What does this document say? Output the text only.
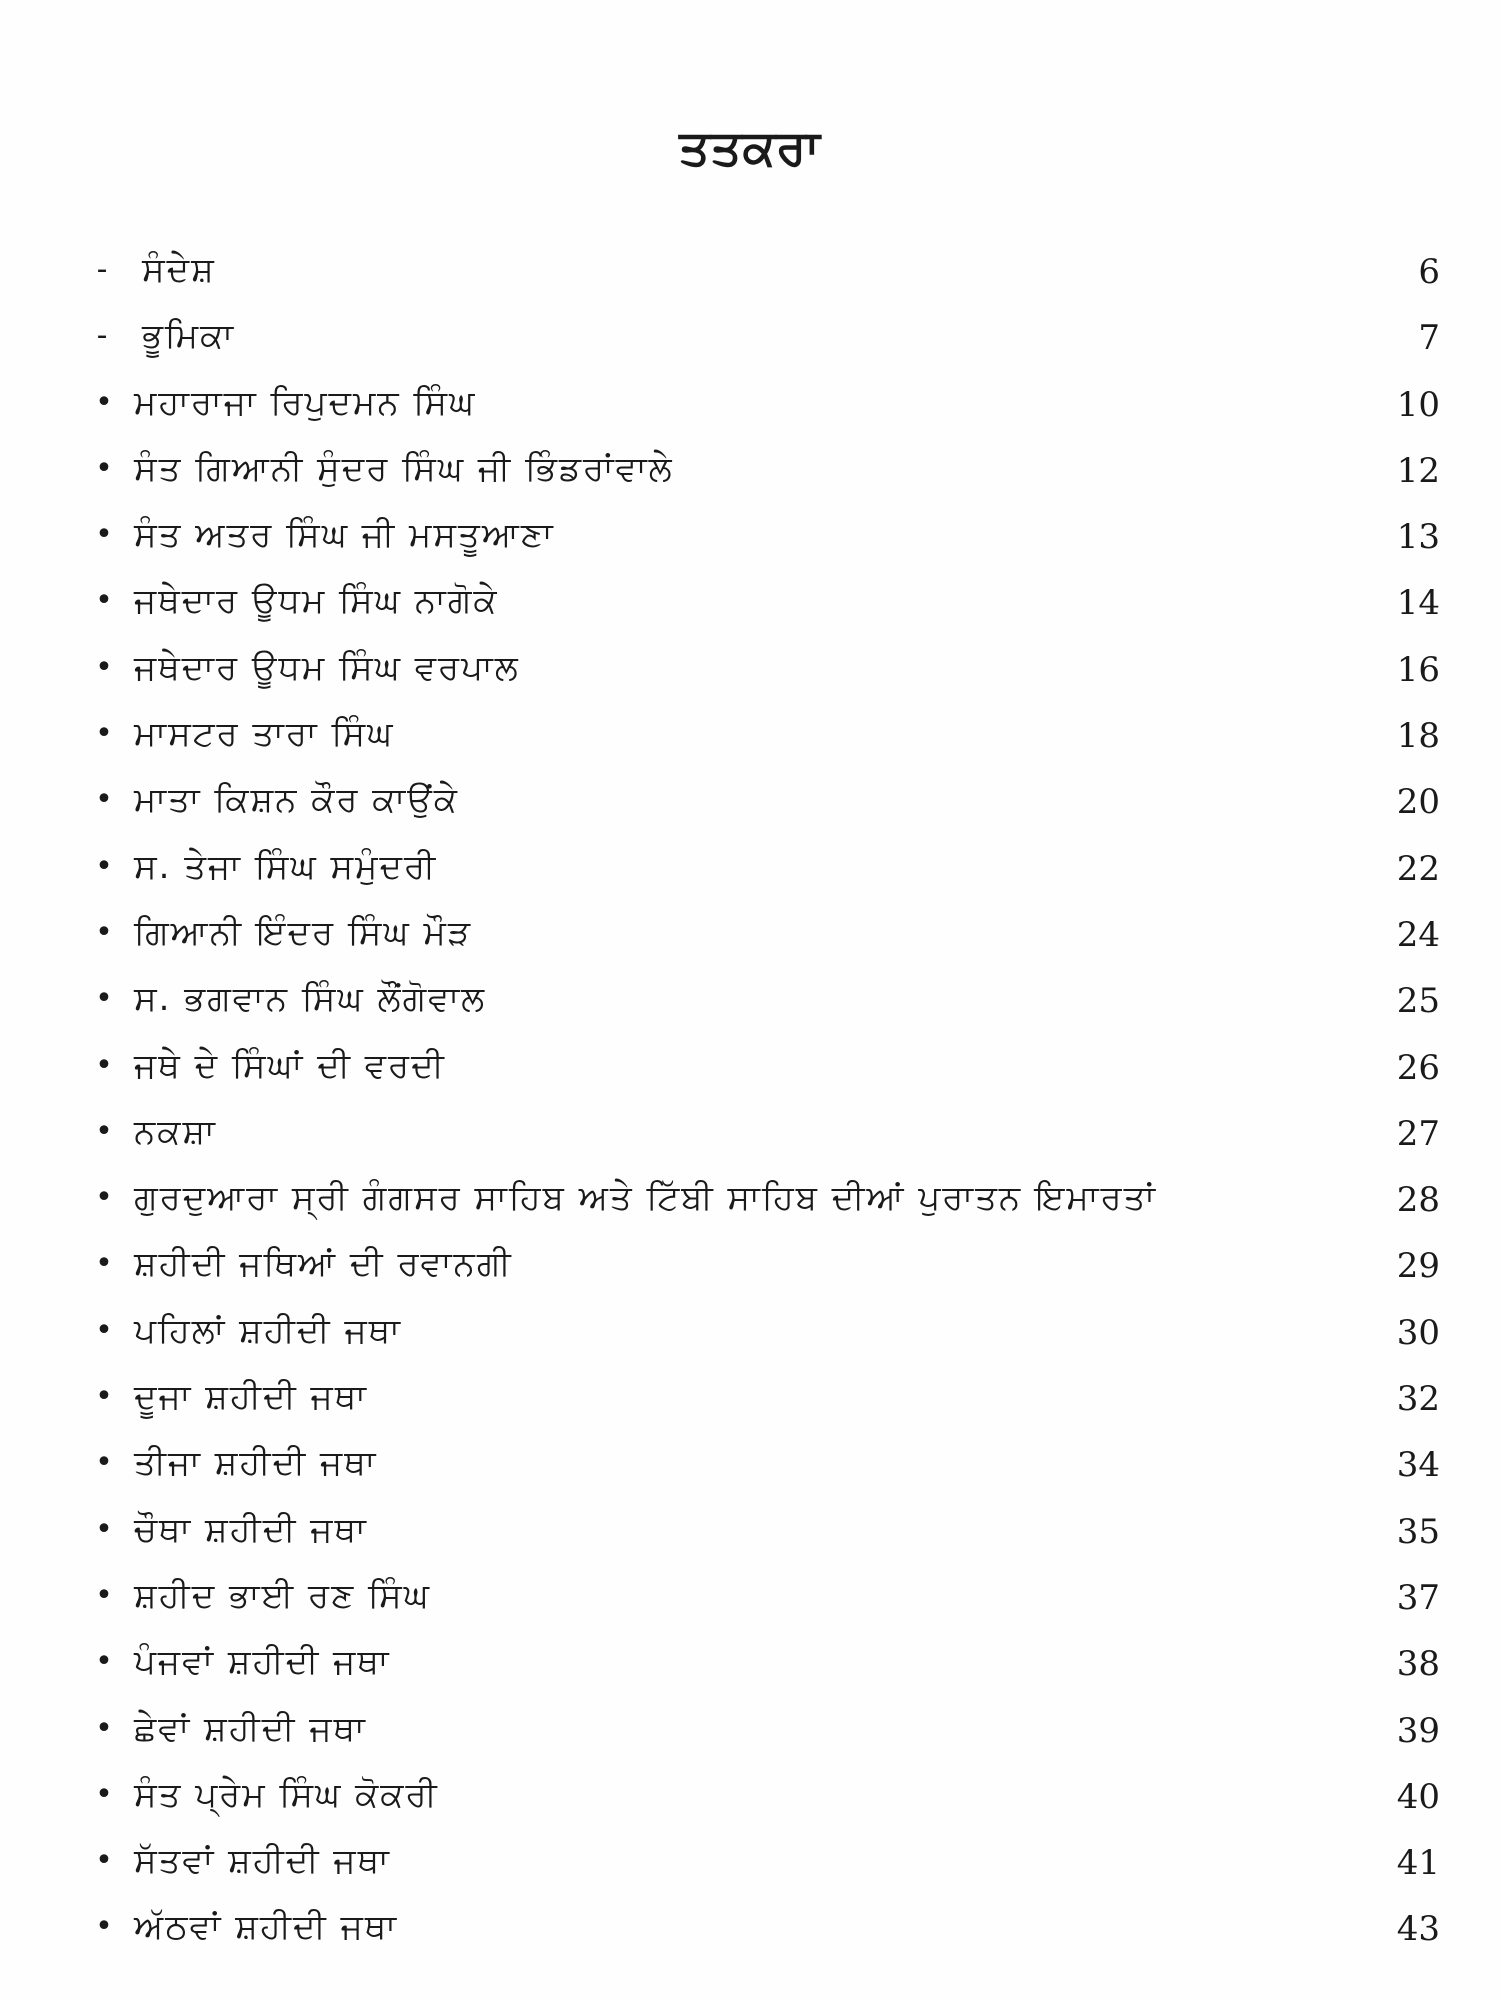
ਤਤਕਰਾ
- ਸੰਦੇਸ਼	6
- ਭੂਮਿਕਾ	7
• ਮਹਾਰਾਜਾ ਰਿਪੁਦਮਨ ਸਿੰਘ	10
• ਸੰਤ ਗਿਆਨੀ ਸੁੰਦਰ ਸਿੰਘ ਜੀ ਭਿੰਡਰਾਂਵਾਲੇ	12
• ਸੰਤ ਅਤਰ ਸਿੰਘ ਜੀ ਮਸਤੂਆਣਾ	13
• ਜਥੇਦਾਰ ਊਧਮ ਸਿੰਘ ਨਾਗੋਕੇ	14
• ਜਥੇਦਾਰ ਊਧਮ ਸਿੰਘ ਵਰਪਾਲ	16
• ਮਾਸਟਰ ਤਾਰਾ ਸਿੰਘ	18
• ਮਾਤਾ ਕਿਸ਼ਨ ਕੌਰ ਕਾਉਂਕੇ	20
• ਸ. ਤੇਜਾ ਸਿੰਘ ਸਮੁੰਦਰੀ	22
• ਗਿਆਨੀ ਇੰਦਰ ਸਿੰਘ ਮੌੜ	24
• ਸ. ਭਗਵਾਨ ਸਿੰਘ ਲੌਂਗੋਵਾਲ	25
• ਜਥੇ ਦੇ ਸਿੰਘਾਂ ਦੀ ਵਰਦੀ	26
• ਨਕਸ਼ਾ	27
• ਗੁਰਦੁਆਰਾ ਸ੍ਰੀ ਗੰਗਸਰ ਸਾਹਿਬ ਅਤੇ ਟਿੱਬੀ ਸਾਹਿਬ ਦੀਆਂ ਪੁਰਾਤਨ ਇਮਾਰਤਾਂ	28
• ਸ਼ਹੀਦੀ ਜਥਿਆਂ ਦੀ ਰਵਾਨਗੀ	29
• ਪਹਿਲਾਂ ਸ਼ਹੀਦੀ ਜਥਾ	30
• ਦੂਜਾ ਸ਼ਹੀਦੀ ਜਥਾ	32
• ਤੀਜਾ ਸ਼ਹੀਦੀ ਜਥਾ	34
• ਚੌਥਾ ਸ਼ਹੀਦੀ ਜਥਾ	35
• ਸ਼ਹੀਦ ਭਾਈ ਰਣ ਸਿੰਘ	37
• ਪੰਜਵਾਂ ਸ਼ਹੀਦੀ ਜਥਾ	38
• ਛੇਵਾਂ ਸ਼ਹੀਦੀ ਜਥਾ	39
• ਸੰਤ ਪ੍ਰੇਮ ਸਿੰਘ ਕੋਕਰੀ	40
• ਸੱਤਵਾਂ ਸ਼ਹੀਦੀ ਜਥਾ	41
• ਅੱਠਵਾਂ ਸ਼ਹੀਦੀ ਜਥਾ	43
